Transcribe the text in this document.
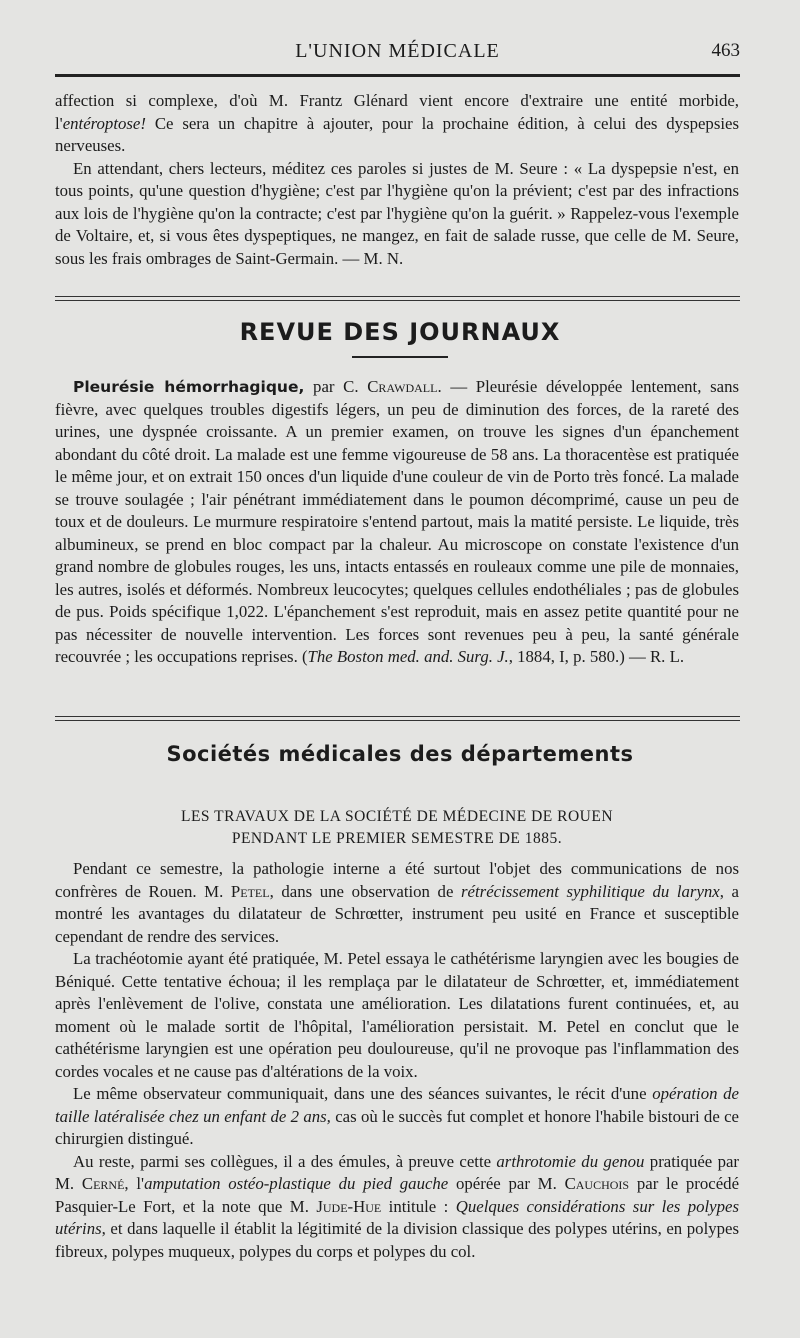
L'UNION MÉDICALE	463

affection si complexe, d'où M. Frantz Glénard vient encore d'extraire une entité morbide, l'entéroptose! Ce sera un chapitre à ajouter, pour la prochaine édition, à celui des dyspepsies nerveuses.

En attendant, chers lecteurs, méditez ces paroles si justes de M. Seure : « La dyspepsie n'est, en tous points, qu'une question d'hygiène; c'est par l'hygiène qu'on la prévient; c'est par des infractions aux lois de l'hygiène qu'on la contracte; c'est par l'hygiène qu'on la guérit. » Rappelez-vous l'exemple de Voltaire, et, si vous êtes dyspeptiques, ne mangez, en fait de salade russe, que celle de M. Seure, sous les frais ombrages de Saint-Germain. — M. N.

REVUE DES JOURNAUX

Pleurésie hémorrhagique, par C. Crawdall. — Pleurésie développée lentement, sans fièvre, avec quelques troubles digestifs légers, un peu de diminution des forces, de la rareté des urines, une dyspnée croissante. A un premier examen, on trouve les signes d'un épanchement abondant du côté droit. La malade est une femme vigoureuse de 58 ans. La thoracentèse est pratiquée le même jour, et on extrait 150 onces d'un liquide d'une couleur de vin de Porto très foncé. La malade se trouve soulagée ; l'air pénétrant immédiatement dans le poumon décomprimé, cause un peu de toux et de douleurs. Le murmure respiratoire s'entend partout, mais la matité persiste. Le liquide, très albumineux, se prend en bloc compact par la chaleur. Au microscope on constate l'existence d'un grand nombre de globules rouges, les uns, intacts entassés en rouleaux comme une pile de monnaies, les autres, isolés et déformés. Nombreux leucocytes; quelques cellules endothéliales ; pas de globules de pus. Poids spécifique 1,022. L'épanchement s'est reproduit, mais en assez petite quantité pour ne pas nécessiter de nouvelle intervention. Les forces sont revenues peu à peu, la santé générale recouvrée ; les occupations reprises. (The Boston med. and. Surg. J., 1884, I, p. 580.) — R. L.

Sociétés médicales des départements
LES TRAVAUX DE LA SOCIÉTÉ DE MÉDECINE DE ROUEN
PENDANT LE PREMIER SEMESTRE DE 1885.

Pendant ce semestre, la pathologie interne a été surtout l'objet des communications de nos confrères de Rouen. M. Petel, dans une observation de rétrécissement syphilitique du larynx, a montré les avantages du dilatateur de Schrœtter, instrument peu usité en France et susceptible cependant de rendre des services.

La trachéotomie ayant été pratiquée, M. Petel essaya le cathétérisme laryngien avec les bougies de Béniqué. Cette tentative échoua; il les remplaça par le dilatateur de Schrœtter, et, immédiatement après l'enlèvement de l'olive, constata une amélioration. Les dilatations furent continuées, et, au moment où le malade sortit de l'hôpital, l'amélioration persistait. M. Petel en conclut que le cathétérisme laryngien est une opération peu douloureuse, qu'il ne provoque pas l'inflammation des cordes vocales et ne cause pas d'altérations de la voix.

Le même observateur communiquait, dans une des séances suivantes, le récit d'une opération de taille latéralisée chez un enfant de 2 ans, cas où le succès fut complet et honore l'habile bistouri de ce chirurgien distingué.

Au reste, parmi ses collègues, il a des émules, à preuve cette arthrotomie du genou pratiquée par M. Cerné, l'amputation ostéo-plastique du pied gauche opérée par M. Cauchois par le procédé Pasquier-Le Fort, et la note que M. Jude-Hue intitule : Quelques considérations sur les polypes utérins, et dans laquelle il établit la légitimité de la division classique des polypes utérins, en polypes fibreux, polypes muqueux, polypes du corps et polypes du col.
